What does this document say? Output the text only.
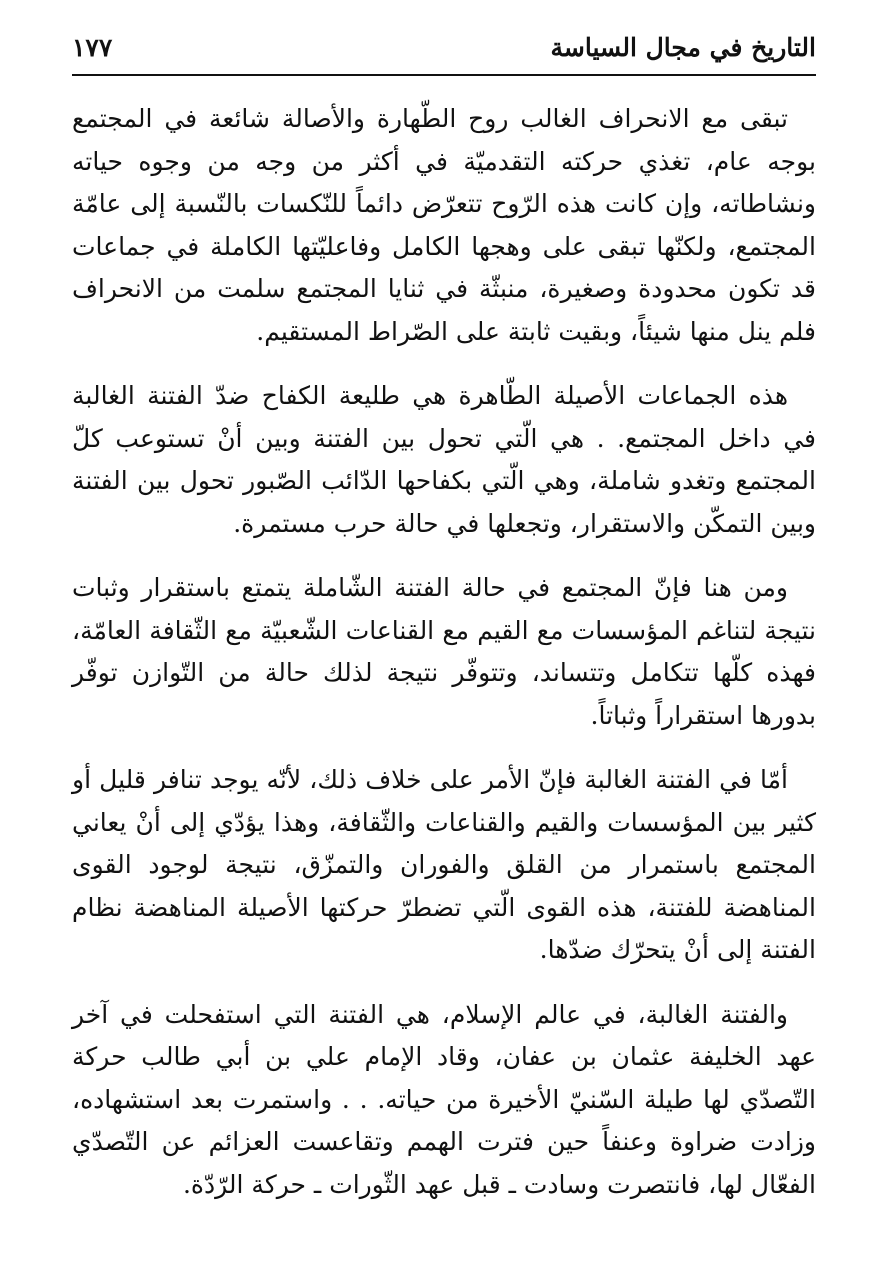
التاريخ في مجال السياسة
١٧٧

تبقى مع الانحراف الغالب روح الطّهارة والأصالة شائعة في المجتمع بوجه عام، تغذي حركته التقدميّة في أكثر من وجه من وجوه حياته ونشاطاته، وإن كانت هذه الرّوح تتعرّض دائماً للنّكسات بالنّسبة إلى عامّة المجتمع، ولكنّها تبقى على وهجها الكامل وفاعليّتها الكاملة في جماعات قد تكون محدودة وصغيرة، منبثّة في ثنايا المجتمع سلمت من الانحراف فلم ينل منها شيئاً، وبقيت ثابتة على الصّراط المستقيم.

هذه الجماعات الأصيلة الطّاهرة هي طليعة الكفاح ضدّ الفتنة الغالبة في داخل المجتمع. . هي الّتي تحول بين الفتنة وبين أنْ تستوعب كلّ المجتمع وتغدو شاملة، وهي الّتي بكفاحها الدّائب الصّبور تحول بين الفتنة وبين التمكّن والاستقرار، وتجعلها في حالة حرب مستمرة.

ومن هنا فإنّ المجتمع في حالة الفتنة الشّاملة يتمتع باستقرار وثبات نتيجة لتناغم المؤسسات مع القيم مع القناعات الشّعبيّة مع الثّقافة العامّة، فهذه كلّها تتكامل وتتساند، وتتوفّر نتيجة لذلك حالة من التّوازن توفّر بدورها استقراراً وثباتاً.

أمّا في الفتنة الغالبة فإنّ الأمر على خلاف ذلك، لأنّه يوجد تنافر قليل أو كثير بين المؤسسات والقيم والقناعات والثّقافة، وهذا يؤدّي إلى أنْ يعاني المجتمع باستمرار من القلق والفوران والتمزّق، نتيجة لوجود القوى المناهضة للفتنة، هذه القوى الّتي تضطرّ حركتها الأصيلة المناهضة نظام الفتنة إلى أنْ يتحرّك ضدّها.

والفتنة الغالبة، في عالم الإسلام، هي الفتنة التي استفحلت في آخر عهد الخليفة عثمان بن عفان، وقاد الإمام علي بن أبي طالب حركة التّصدّي لها طيلة السّنيّ الأخيرة من حياته. . . واستمرت بعد استشهاده، وزادت ضراوة وعنفاً حين فترت الهمم وتقاعست العزائم عن التّصدّي الفعّال لها، فانتصرت وسادت ـ قبل عهد الثّورات ـ حركة الرّدّة.
